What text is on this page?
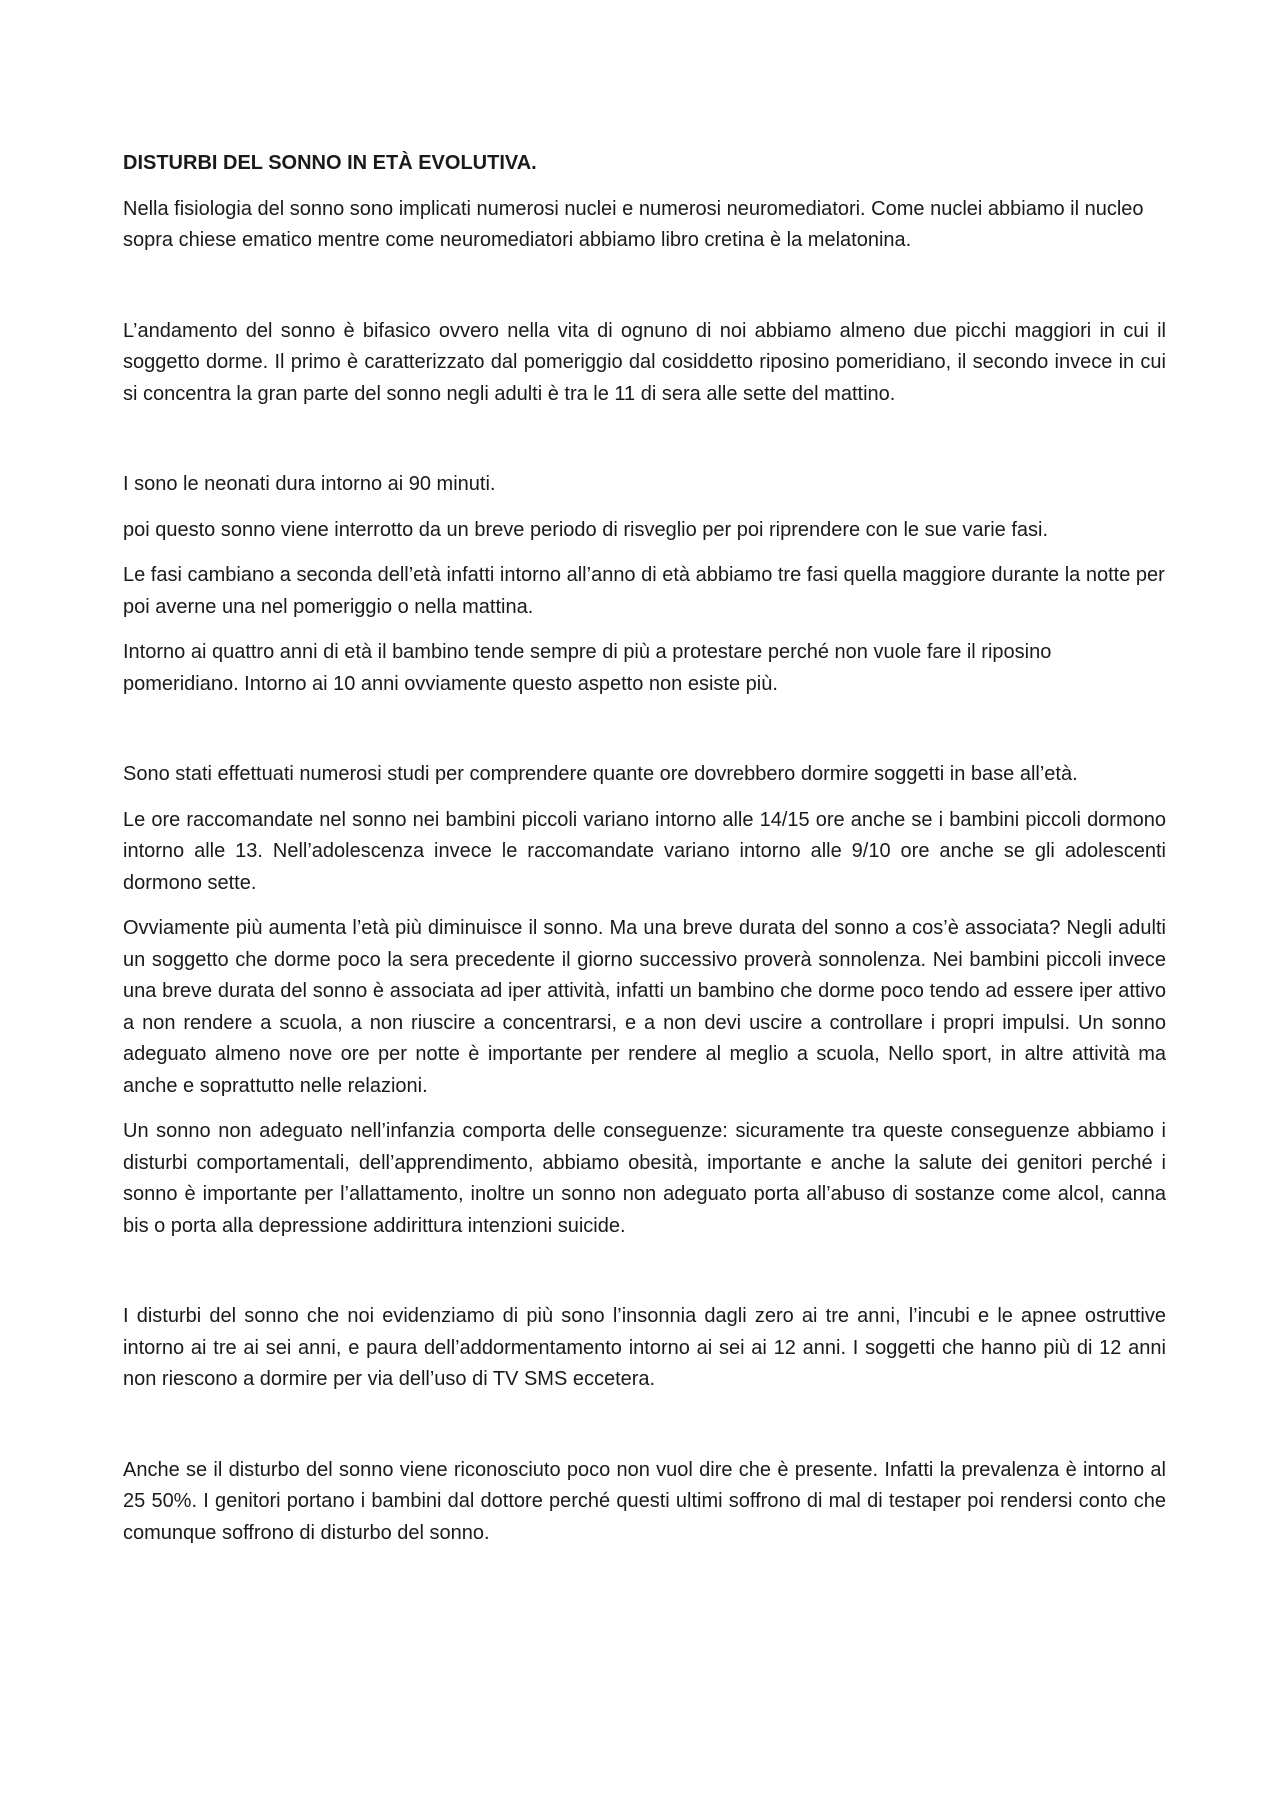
DISTURBI DEL SONNO IN ETÀ EVOLUTIVA.

Nella fisiologia del sonno sono implicati numerosi nuclei e numerosi neuromediatori. Come nuclei abbiamo il nucleo sopra chiese ematico mentre come neuromediatori abbiamo libro cretina è la melatonina.

L’andamento del sonno è bifasico ovvero nella vita di ognuno di noi abbiamo almeno due picchi maggiori in cui il soggetto dorme. Il primo è caratterizzato dal pomeriggio dal cosiddetto riposino pomeridiano, il secondo invece in cui si concentra la gran parte del sonno negli adulti è tra le 11 di sera alle sette del mattino.

I sono le neonati dura intorno ai 90 minuti.

poi questo sonno viene interrotto da un breve periodo di risveglio per poi riprendere con le sue varie fasi.

Le fasi cambiano a seconda dell’età infatti intorno all’anno di età abbiamo tre fasi quella maggiore durante la notte per poi averne una nel pomeriggio o nella mattina.

Intorno ai quattro anni di età il bambino tende sempre di più a protestare perché non vuole fare il riposino pomeridiano. Intorno ai 10 anni ovviamente questo aspetto non esiste più.

Sono stati effettuati numerosi studi per comprendere quante ore dovrebbero dormire soggetti in base all’età.

Le ore raccomandate nel sonno nei bambini piccoli variano intorno alle 14/15 ore anche se i bambini piccoli dormono intorno alle 13. Nell’adolescenza invece le raccomandate variano intorno alle 9/10 ore anche se gli adolescenti dormono sette.

Ovviamente più aumenta l’età più diminuisce il sonno. Ma una breve durata del sonno a cos’è associata? Negli adulti un soggetto che dorme poco la sera precedente il giorno successivo proverà sonnolenza. Nei bambini piccoli invece una breve durata del sonno è associata ad iper attività, infatti un bambino che dorme poco tendo ad essere iper attivo a non rendere a scuola, a non riuscire a concentrarsi, e a non devi uscire a controllare i propri impulsi. Un sonno adeguato almeno nove ore per notte è importante per rendere al meglio a scuola, Nello sport, in altre attività ma anche e soprattutto nelle relazioni.

Un sonno non adeguato nell’infanzia comporta delle conseguenze: sicuramente tra queste conseguenze abbiamo i disturbi comportamentali, dell’apprendimento, abbiamo obesità, importante e anche la salute dei genitori perché i sonno è importante per l’allattamento, inoltre un sonno non adeguato porta all’abuso di sostanze come alcol, canna bis o porta alla depressione addirittura intenzioni suicide.

I disturbi del sonno che noi evidenziamo di più sono l’insonnia dagli zero ai tre anni, l’incubi e le apnee ostruttive intorno ai tre ai sei anni, e paura dell’addormentamento intorno ai sei ai 12 anni. I soggetti che hanno più di 12 anni non riescono a dormire per via dell’uso di TV SMS eccetera.

Anche se il disturbo del sonno viene riconosciuto poco non vuol dire che è presente. Infatti la prevalenza è intorno al 25 50%. I genitori portano i bambini dal dottore perché questi ultimi soffrono di mal di testaper poi rendersi conto che comunque soffrono di disturbo del sonno.
